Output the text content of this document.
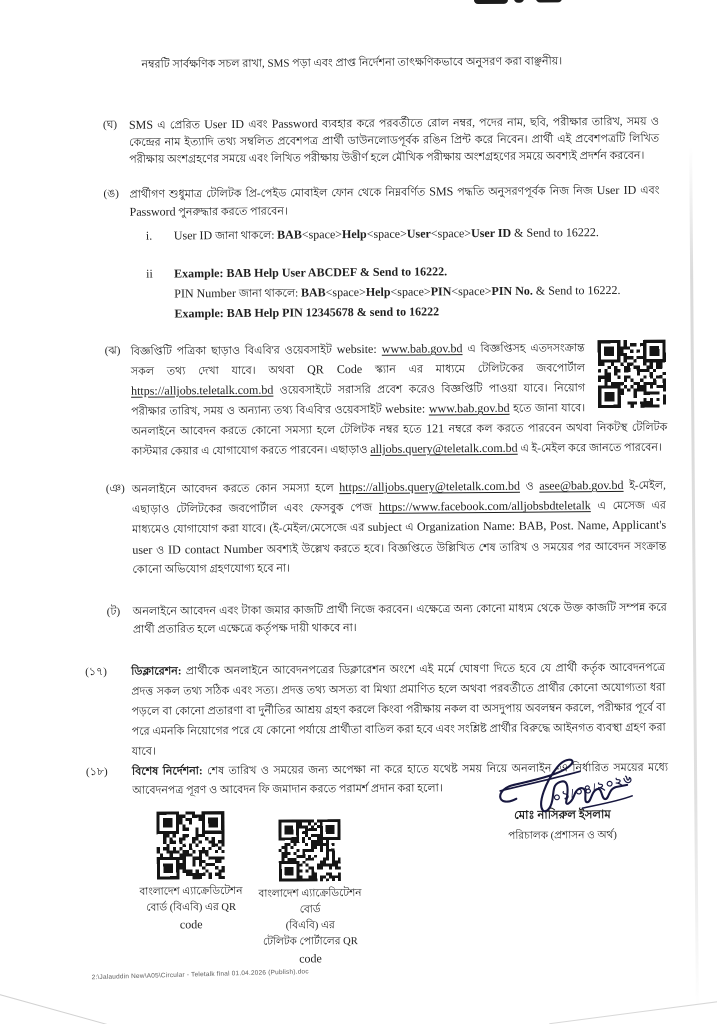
নম্বরটি সার্বক্ষণিক সচল রাখা, SMS পড়া এবং প্রাপ্ত নির্দেশনা তাৎক্ষণিকভাবে অনুসরণ করা বাঞ্ছনীয়।
(ঘ) SMS এ প্রেরিত User ID এবং Password ব্যবহার করে পরবর্তীতে রোল নম্বর, পদের নাম, ছবি, পরীক্ষার তারিখ, সময় ও কেন্দ্রের নাম ইত্যাদি তথ্য সম্বলিত প্রবেশপত্র প্রার্থী ডাউনলোডপূর্বক রঙিন প্রিন্ট করে নিবেন। প্রার্থী এই প্রবেশপত্রটি লিখিত পরীক্ষায় অংশগ্রহণের সময়ে এবং লিখিত পরীক্ষায় উত্তীর্ণ হলে মৌখিক পরীক্ষায় অংশগ্রহণের সময়ে অবশ্যই প্রদর্শন করবেন।
(ঙ) প্রার্থীগণ শুধুমাত্র টেলিটক প্রি-পেইড মোবাইল ফোন থেকে নিম্নবর্ণিত SMS পদ্ধতি অনুসরণপূর্বক নিজ নিজ User ID এবং Password পুনরুদ্ধার করতে পারবেন।
i.	User ID জানা থাকলে: BAB<space>Help<space>User<space>User ID & Send to 16222.
ii	Example: BAB Help User ABCDEF & Send to 16222.

PIN Number জানা থাকলে: BAB<space>Help<space>PIN<space>PIN No. & Send to 16222.

Example: BAB Help PIN 12345678 & send to 16222

(ঝ) বিজ্ঞপ্তিটি পত্রিকা ছাড়াও বিএবি'র ওয়েবসাইট website: www.bab.gov.bd এ বিজ্ঞপ্তিসহ এতদসংক্রান্ত সকল তথ্য দেখা যাবে। অথবা QR Code স্ক্যান এর মাধ্যমে টেলিটকের জবপোর্টাল https://alljobs.teletalk.com.bd ওয়েবসাইটে সরাসরি প্রবেশ করেও বিজ্ঞপ্তিটি পাওয়া যাবে। নিয়োগ পরীক্ষার তারিখ, সময় ও অন্যান্য তথ্য বিএবি'র ওয়েবসাইট website: www.bab.gov.bd হতে জানা যাবে। অনলাইনে আবেদন করতে কোনো সমস্যা হলে টেলিটক নম্বর হতে 121 নম্বরে কল করতে পারবেন অথবা নিকটস্থ টেলিটক কাস্টমার কেয়ার এ যোগাযোগ করতে পারবেন। এছাড়াও alljobs.query@teletalk.com.bd এ ই-মেইল করে জানতে পারবেন।
(ঞ) অনলাইনে আবেদন করতে কোন সমস্যা হলে https://alljobs.query@teletalk.com.bd ও asee@bab.gov.bd ই-মেইল, এছাড়াও টেলিটকের জবপোর্টাল এবং ফেসবুক পেজ https://www.facebook.com/alljobsbdteletalk এ মেসেজ এর মাধ্যমেও যোগাযোগ করা যাবে। (ই-মেইল/মেসেজে এর subject এ Organization Name: BAB, Post. Name, Applicant's user ও ID contact Number অবশ্যই উল্লেখ করতে হবে। বিজ্ঞপ্তিতে উল্লিখিত শেষ তারিখ ও সময়ের পর আবেদন সংক্রান্ত কোনো অভিযোগ গ্রহণযোগ্য হবে না।
(ট)	অনলাইনে আবেদন এবং টাকা জমার কাজটি প্রার্থী নিজে করবেন। এক্ষেত্রে অন্য কোনো মাধ্যম থেকে উক্ত কাজটি সম্পন্ন করে প্রার্থী প্রতারিত হলে এক্ষেত্রে কর্তৃপক্ষ দায়ী থাকবে না।
(১৭)	ডিক্লারেশন: প্রার্থীকে অনলাইনে আবেদনপত্রের ডিক্লারেশন অংশে এই মর্মে ঘোষণা দিতে হবে যে প্রার্থী কর্তৃক আবেদনপত্রে প্রদত্ত সকল তথ্য সঠিক এবং সত্য। প্রদত্ত তথ্য অসত্য বা মিথ্যা প্রমাণিত হলে অথবা পরবর্তীতে প্রার্থীর কোনো অযোগ্যতা ধরা পড়লে বা কোনো প্রতারণা বা দুর্নীতির আশ্রয় গ্রহণ করলে কিংবা পরীক্ষায় নকল বা অসদুপায় অবলম্বন করলে, পরীক্ষার পূর্বে বা পরে এমনকি নিয়োগের পরে যে কোনো পর্যায়ে প্রার্থীতা বাতিল করা হবে এবং সংশ্লিষ্ট প্রার্থীর বিরুদ্ধে আইনগত ব্যবস্থা গ্রহণ করা যাবে।
(১৮)	বিশেষ নির্দেশনা: শেষ তারিখ ও সময়ের জন্য অপেক্ষা না করে হাতে যথেষ্ট সময় নিয়ে অনলাইন -এ নির্ধারিত সময়ের মধ্যে আবেদনপত্র পূরণ ও আবেদন ফি জমাদান করতে পরামর্শ প্রদান করা হলো।	০১/০৪/২০২৬
মোঃ নাসিরুল ইসলাম
পরিচালক (প্রশাসন ও অর্থ)
বাংলাদেশ এ্যাক্রেডিটেশন
বোর্ড (বিএবি) এর QR
code
বাংলাদেশ এ্যাক্রেডিটেশন বোর্ড
(বিএবি) এর
টেলিটক পোর্টালের QR
code
2:\Jalauddin New\A05\Circular - Teletalk final 01.04.2026 (Publish).doc
